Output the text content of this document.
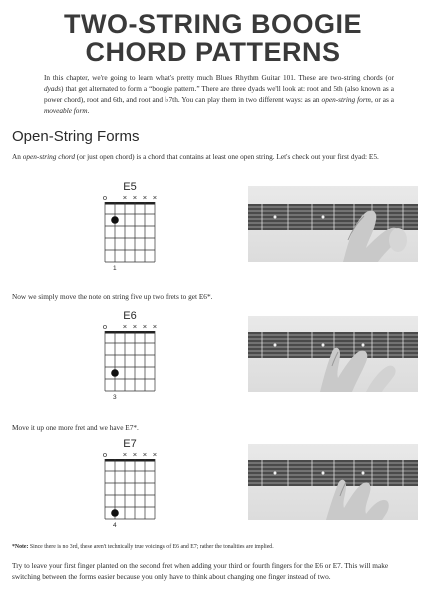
TWO-STRING BOOGIE
CHORD PATTERNS

In this chapter, we're going to learn what's pretty much Blues Rhythm Guitar 101. These are two-string chords (or dyads) that get alternated to form a “boogie pattern.” There are three dyads we'll look at: root and 5th (also known as a power chord), root and 6th, and root and ♭7th. You can play them in two different ways: as an open-string form, or as a moveable form.

Open-String Forms

An open-string chord (or just open chord) is a chord that contains at least one open string. Let's check out your first dyad: E5.

E5
o	× × × ×
1

Now we simply move the note on string five up two frets to get E6*.

E6
o	× × × ×
3

Move it up one more fret and we have E7*.

E7
o	× × × ×
4

*Note: Since there is no 3rd, these aren't technically true voicings of E6 and E7; rather the tonalities are implied.

Try to leave your first finger planted on the second fret when adding your third or fourth fingers for the E6 or E7. This will make switching between the forms easier because you only have to think about changing one finger instead of two.
